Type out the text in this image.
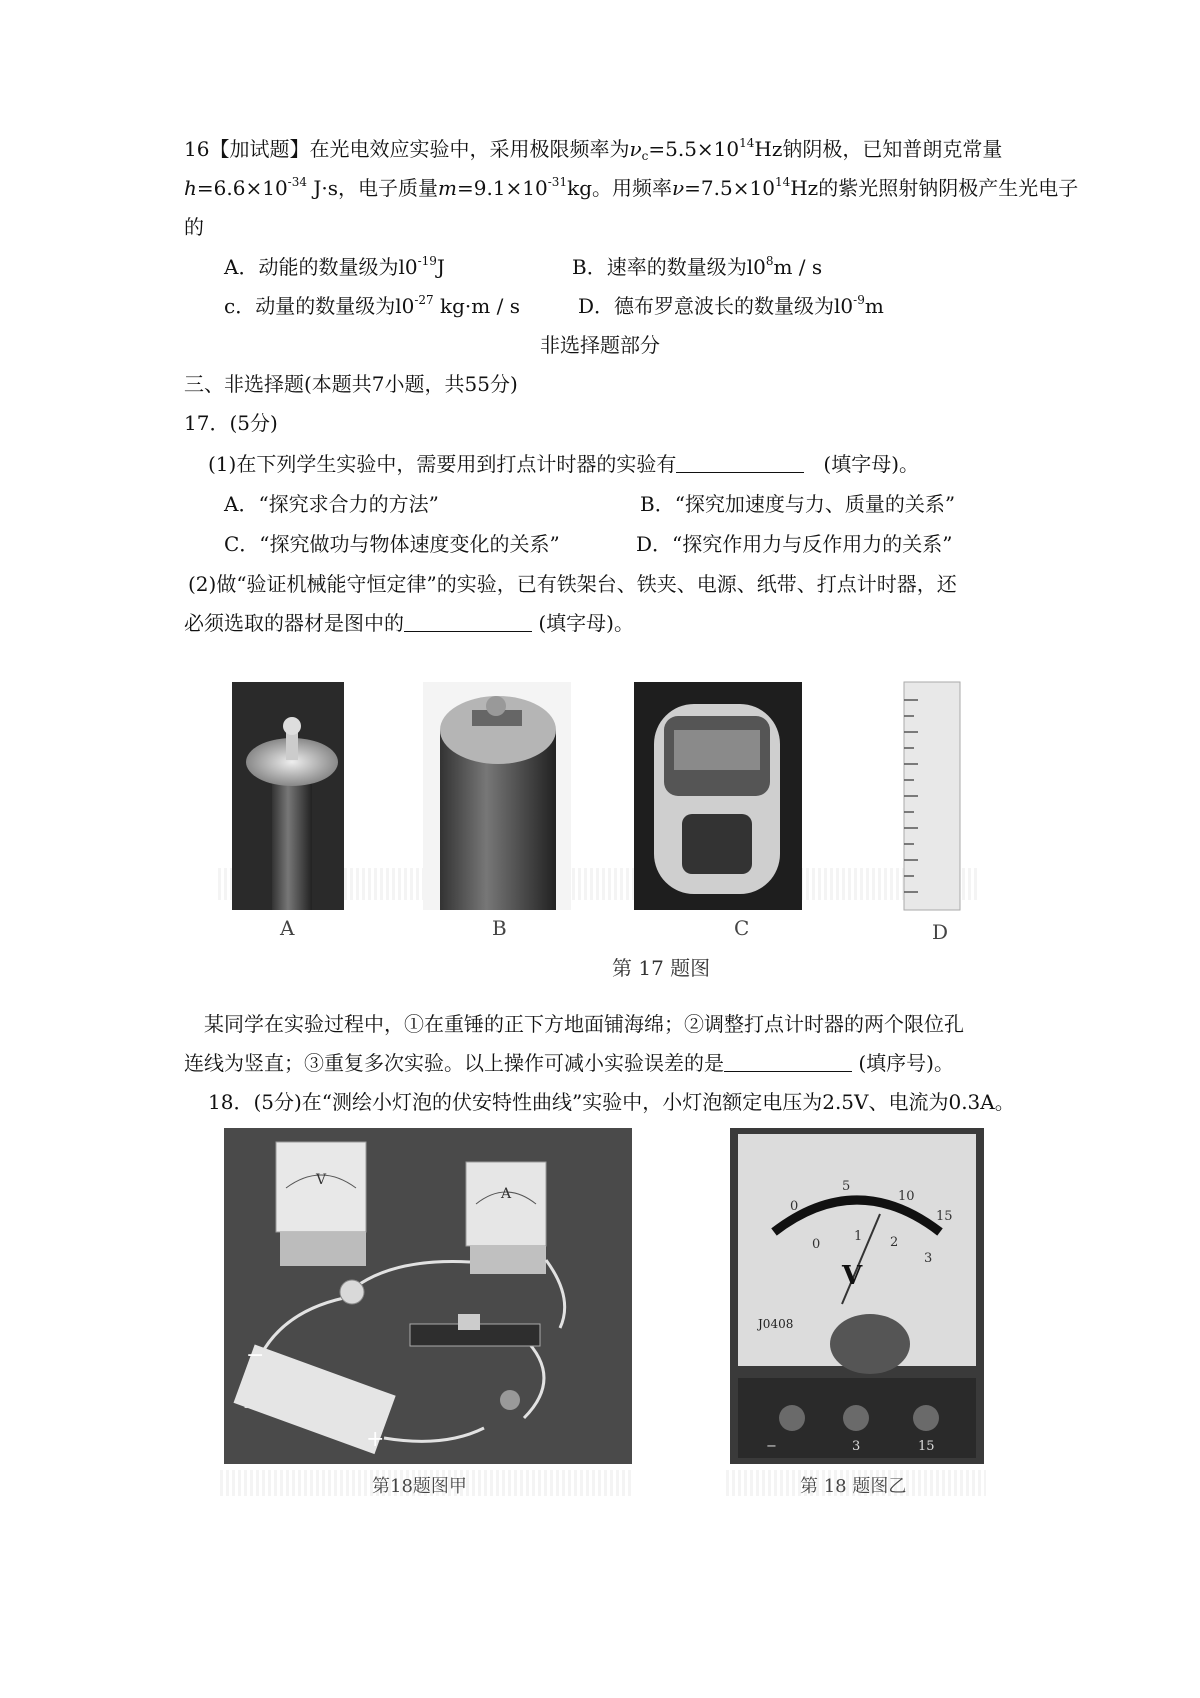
16【加试题】在光电效应实验中，采用极限频率为$\nu_c=5.5\times 10^{14}Hz$钠阴极，已知普朗克常量
$h=6.6\times 10^{-34}$ J·s，电子质量$m=9.1\times 10^{-31}kg$。用频率$\nu=7.5\times 10^{14}Hz$的紫光照射钠阴极产生光电子
的
A．动能的数量级为$l0^{-19}J$	B．速率的数量级为$l0^8m$ / s
c．动量的数量级为$l0^{-27}$ kg·m / s	D．德布罗意波长的数量级为$l0^{-9}m$
非选择题部分
三、非选择题(本题共7小题，共55分)
17．(5分)
(1)在下列学生实验中，需要用到打点计时器的实验有	(填字母)。
A．“探究求合力的方法”	B．“探究加速度与力、质量的关系”
C．“探究做功与物体速度变化的关系”	D．“探究作用力与反作用力的关系”
(2)做“验证机械能守恒定律”的实验，已有铁架台、铁夹、电源、纸带、打点计时器，还
必须选取的器材是图中的	(填字母)。
A	B	C	D
第 17 题图
某同学在实验过程中，①在重锤的正下方地面铺海绵；②调整打点计时器的两个限位孔
连线为竖直；③重复多次实验。以上操作可减小实验误差的是	(填序号)。
18．(5分)在“测绘小灯泡的伏安特性曲线”实验中，小灯泡额定电压为2.5V、电流为0.3A。
V
A
−
+
第18题图甲
0
5
10
15
0
1 2
3
V
J0408
−	3	15
第 18 题图乙
